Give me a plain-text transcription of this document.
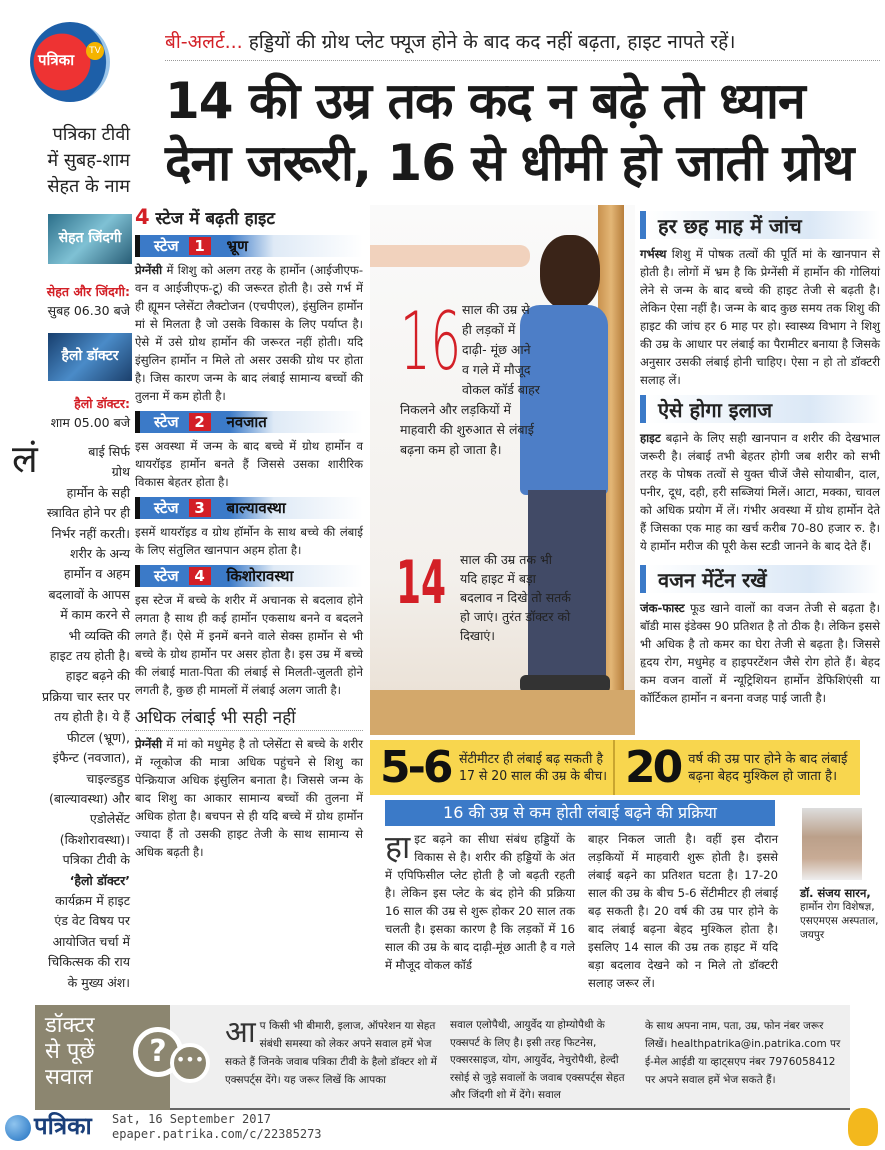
पत्रिका	TV
पत्रिका टीवी
में सुबह-शाम
सेहत के नाम
सेहत जिंदगी
सेहत और जिंदगी:
सुबह 06.30 बजे
हैलो डॉक्टर
हैलो डॉक्टर:
शाम 05.00 बजे
लं	बाई सिर्फ
ग्रोथ
हार्मोन के सही
स्त्रावित होने पर ही
निर्भर नहीं करती।
शरीर के अन्य
हार्मोन व अहम
बदलावों के आपस
में काम करने से
भी व्यक्ति की
हाइट तय होती है।
हाइट बढ़ने की
प्रक्रिया चार स्तर पर
तय होती है। ये हैं
फीटल (भ्रूण),
इंफैन्ट (नवजात),
चाइल्डहुड
(बाल्यावस्था) और
एडोलेसेंट
(किशोरावस्था)।
पत्रिका टीवी के
‘हैलो डॉक्टर’
कार्यक्रम में हाइट
एंड वेट विषय पर
आयोजित चर्चा में
चिकित्सक की राय
के मुख्य अंश।
बी-अलर्ट... हड्डियों की ग्रोथ प्लेट फ्यूज होने के बाद कद नहीं बढ़ता, हाइट नापते रहें।
14 की उम्र तक कद न बढ़े तो ध्यान
देना जरूरी, 16 से धीमी हो जाती ग्रोथ
4 स्टेज में बढ़ती हाइट
स्टेज	1	भ्रूण

प्रेग्नेंसी में शिशु को अलग तरह के हार्मोन (आईजीएफ-वन व आईजीएफ-टू) की जरूरत होती है। उसे गर्भ में ही ह्यूमन प्लेसेंटा लैक्टोजन (एचपीएल), इंसुलिन हार्मोन मां से मिलता है जो उसके विकास के लिए पर्याप्त है। ऐसे में उसे ग्रोथ हार्मोन की जरूरत नहीं होती। यदि इंसुलिन हार्मोन न मिले तो असर उसकी ग्रोथ पर होता है। जिस कारण जन्म के बाद लंबाई सामान्य बच्चों की तुलना में कम होती है।

स्टेज	2	नवजात

इस अवस्था में जन्म के बाद बच्चे में ग्रोथ हार्मोन व थायरॉइड हार्मोन बनते हैं जिससे उसका शारीरिक विकास बेहतर होता है।

स्टेज	3	बाल्यावस्था

इसमें थायरॉइड व ग्रोथ हॉर्मोन के साथ बच्चे की लंबाई के लिए संतुलित खानपान अहम होता है।

स्टेज	4	किशोरावस्था

इस स्टेज में बच्चे के शरीर में अचानक से बदलाव होने लगता है साथ ही कई हार्मोन एकसाथ बनने व बदलने लगते हैं। ऐसे में इनमें बनने वाले सेक्स हार्मोन से भी बच्चे के ग्रोथ हार्मोन पर असर होता है। इस उम्र में बच्चे की लंबाई माता-पिता की लंबाई से मिलती-जुलती होने लगती है, कुछ ही मामलों में लंबाई अलग जाती है।

अधिक लंबाई भी सही नहीं

प्रेग्नेंसी में मां को मधुमेह है तो प्लेसेंटा से बच्चे के शरीर में ग्लूकोज की मात्रा अधिक पहुंचने से शिशु का पेन्क्रियाज अधिक इंसुलिन बनाता है। जिससे जन्म के बाद शिशु का आकार सामान्य बच्चों की तुलना में अधिक होता है। बचपन से ही यदि बच्चे में ग्रोथ हार्मोन ज्यादा हैं तो उसकी हाइट तेजी के साथ सामान्य से अधिक बढ़ती है।

16 साल की उम्र से ही लड़कों में दाढ़ी- मूंछ आने व गले में मौजूद वोकल कॉर्ड बाहर निकलने और लड़कियों में माहवारी की शुरुआत से लंबाई बढ़ना कम हो जाता है।
14	साल की उम्र तक भी यदि हाइट में बड़ा बदलाव न दिखे तो सतर्क हो जाएं। तुरंत डॉक्टर को दिखाएं।
हर छह माह में जांच

गर्भस्थ शिशु में पोषक तत्वों की पूर्ति मां के खानपान से होती है। लोगों में भ्रम है कि प्रेग्नेंसी में हार्मोन की गोलियां लेने से जन्म के बाद बच्चे की हाइट तेजी से बढ़ती है। लेकिन ऐसा नहीं है। जन्म के बाद कुछ समय तक शिशु की हाइट की जांच हर 6 माह पर हो। स्वास्थ्य विभाग ने शिशु की उम्र के आधार पर लंबाई का पैरामीटर बनाया है जिसके अनुसार उसकी लंबाई होनी चाहिए। ऐसा न हो तो डॉक्टरी सलाह लें।

ऐसे होगा इलाज

हाइट बढ़ाने के लिए सही खानपान व शरीर की देखभाल जरूरी है। लंबाई तभी बेहतर होगी जब शरीर को सभी तरह के पोषक तत्वों से युक्त चीजें जैसे सोयाबीन, दाल, पनीर, दूध, दही, हरी सब्जियां मिलें। आटा, मक्का, चावल को अधिक प्रयोग में लें। गंभीर अवस्था में ग्रोथ हार्मोन देते हैं जिसका एक माह का खर्च करीब 70-80 हजार रु. है। ये हार्मोन मरीज की पूरी केस स्टडी जानने के बाद देते हैं।

वजन मेंटेंन रखें

जंक-फास्ट फूड खाने वालों का वजन तेजी से बढ़ता है। बॉडी मास इंडेक्स 90 प्रतिशत है तो ठीक है। लेकिन इससे भी अधिक है तो कमर का घेरा तेजी से बढ़ता है। जिससे हृदय रोग, मधुमेह व हाइपरटेंशन जैसे रोग होते हैं। बेहद कम वजन वालों में न्यूट्रिशियन हार्मोन डेफिशिएंसी या कॉर्टिकल हार्मोन न बनना वजह पाई जाती है।

5-6 सेंटीमीटर ही लंबाई बढ़ सकती है
17 से 20 साल की उम्र के बीच। 20 वर्ष की उम्र पार होने के बाद लंबाई
बढ़ना बेहद मुश्किल हो जाता है।
16 की उम्र से कम होती लंबाई बढ़ने की प्रक्रिया

हाइट बढ़ने का सीधा संबंध हड्डियों के विकास से है। शरीर की हड्डियों के अंत में एपिफिसील प्लेट होती है जो बढ़ती रहती है। लेकिन इस प्लेट के बंद होने की प्रक्रिया 16 साल की उम्र से शुरू होकर 20 साल तक चलती है। इसका कारण है कि लड़कों में 16 साल की उम्र के बाद दाढ़ी-मूंछ आती है व गले में मौजूद वोकल कॉर्ड

बाहर निकल जाती है। वहीं इस दौरान लड़कियों में माहवारी शुरू होती है। इससे लंबाई बढ़ने का प्रतिशत घटता है। 17-20 साल की उम्र के बीच 5-6 सेंटीमीटर ही लंबाई बढ़ सकती है। 20 वर्ष की उम्र पार होने के बाद लंबाई बढ़ना बेहद मुश्किल होता है। इसलिए 14 साल की उम्र तक हाइट में यदि बड़ा बदलाव देखने को न मिले तो डॉक्टरी सलाह जरूर लें।

डॉ. संजय सारन,
हार्मोन रोग विशेषज्ञ,
एसएमएस अस्पताल,
जयपुर
डॉक्टर
से पूछें
सवाल
? •••

आप किसी भी बीमारी, इलाज, ऑपरेशन या सेहत संबंधी समस्या को लेकर अपने सवाल हमें भेज सकते हैं जिनके जवाब पत्रिका टीवी के हैलो डॉक्टर शो में एक्सपर्ट्स देंगे। यह जरूर लिखें कि आपका

सवाल एलोपैथी, आयुर्वेद या होम्योपैथी के एक्सपर्ट के लिए है। इसी तरह फिटनेस, एक्सरसाइज, योग, आयुर्वेद, नेचुरोपैथी, हेल्दी रसोई से जुड़े सवालों के जवाब एक्सपर्ट्स सेहत और जिंदगी शो में देंगे। सवाल

के साथ अपना नाम, पता, उम्र, फोन नंबर जरूर लिखें। healthpatrika@in.patrika.com पर ई-मेल आईडी या व्हाट्सएप नंबर 7976058412 पर अपने सवाल हमें भेज सकते हैं।

पत्रिका Sat, 16 September 2017
epaper.patrika.com/c/22385273
